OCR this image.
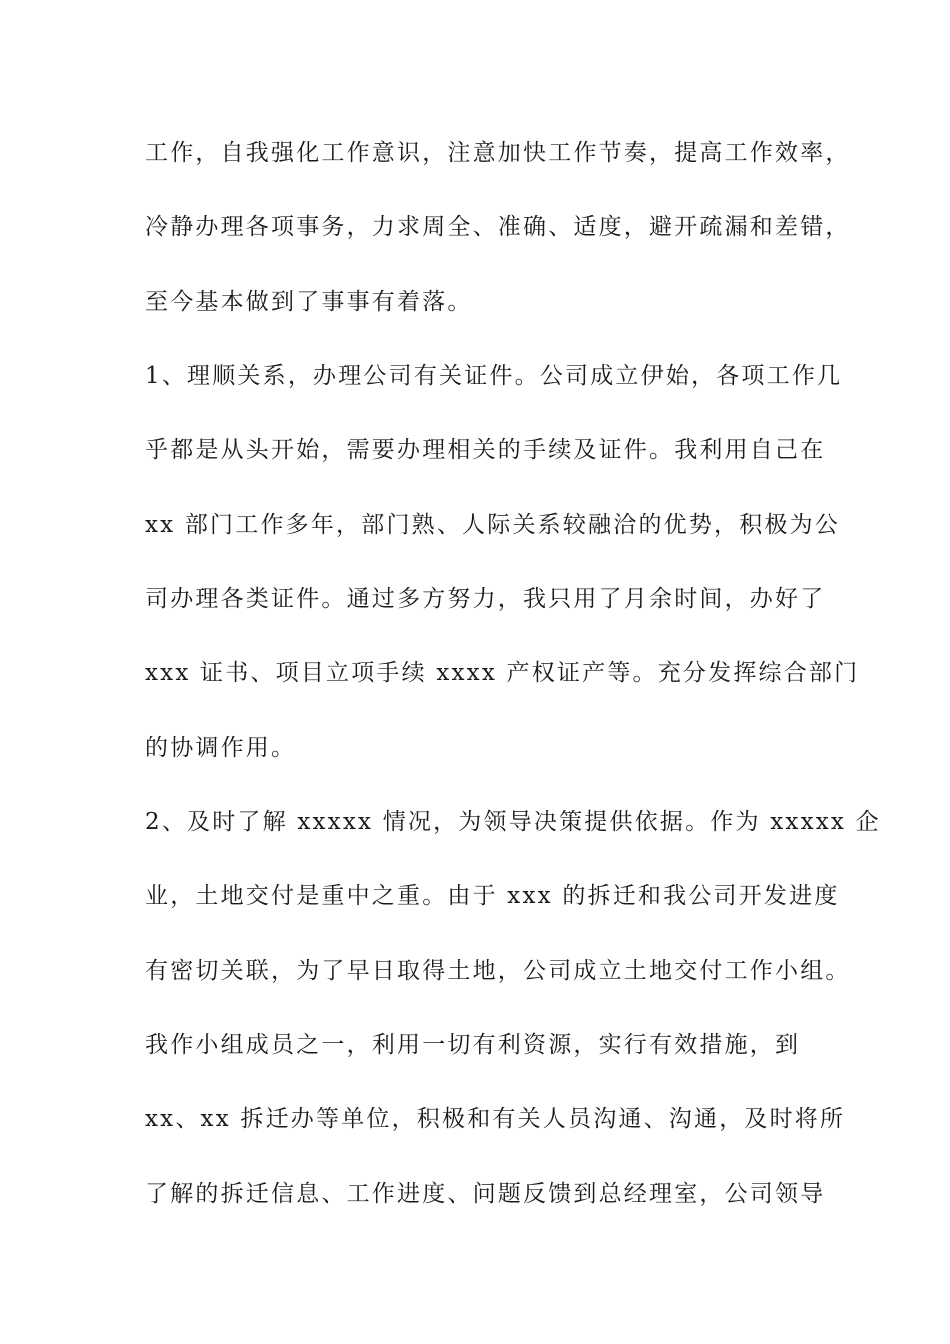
工作，自我强化工作意识，注意加快工作节奏，提高工作效率，
冷静办理各项事务，力求周全、准确、适度，避开疏漏和差错，
至今基本做到了事事有着落。
1、理顺关系，办理公司有关证件。公司成立伊始，各项工作几
乎都是从头开始，需要办理相关的手续及证件。我利用自己在
xx 部门工作多年，部门熟、人际关系较融洽的优势，积极为公
司办理各类证件。通过多方努力，我只用了月余时间，办好了
xxx 证书、项目立项手续 xxxx 产权证产等。充分发挥综合部门
的协调作用。
2、及时了解 xxxxx 情况，为领导决策提供依据。作为 xxxxx 企
业，土地交付是重中之重。由于 xxx 的拆迁和我公司开发进度
有密切关联，为了早日取得土地，公司成立土地交付工作小组。
我作小组成员之一，利用一切有利资源，实行有效措施，到
xx、xx 拆迁办等单位，积极和有关人员沟通、沟通，及时将所
了解的拆迁信息、工作进度、问题反馈到总经理室，公司领导
